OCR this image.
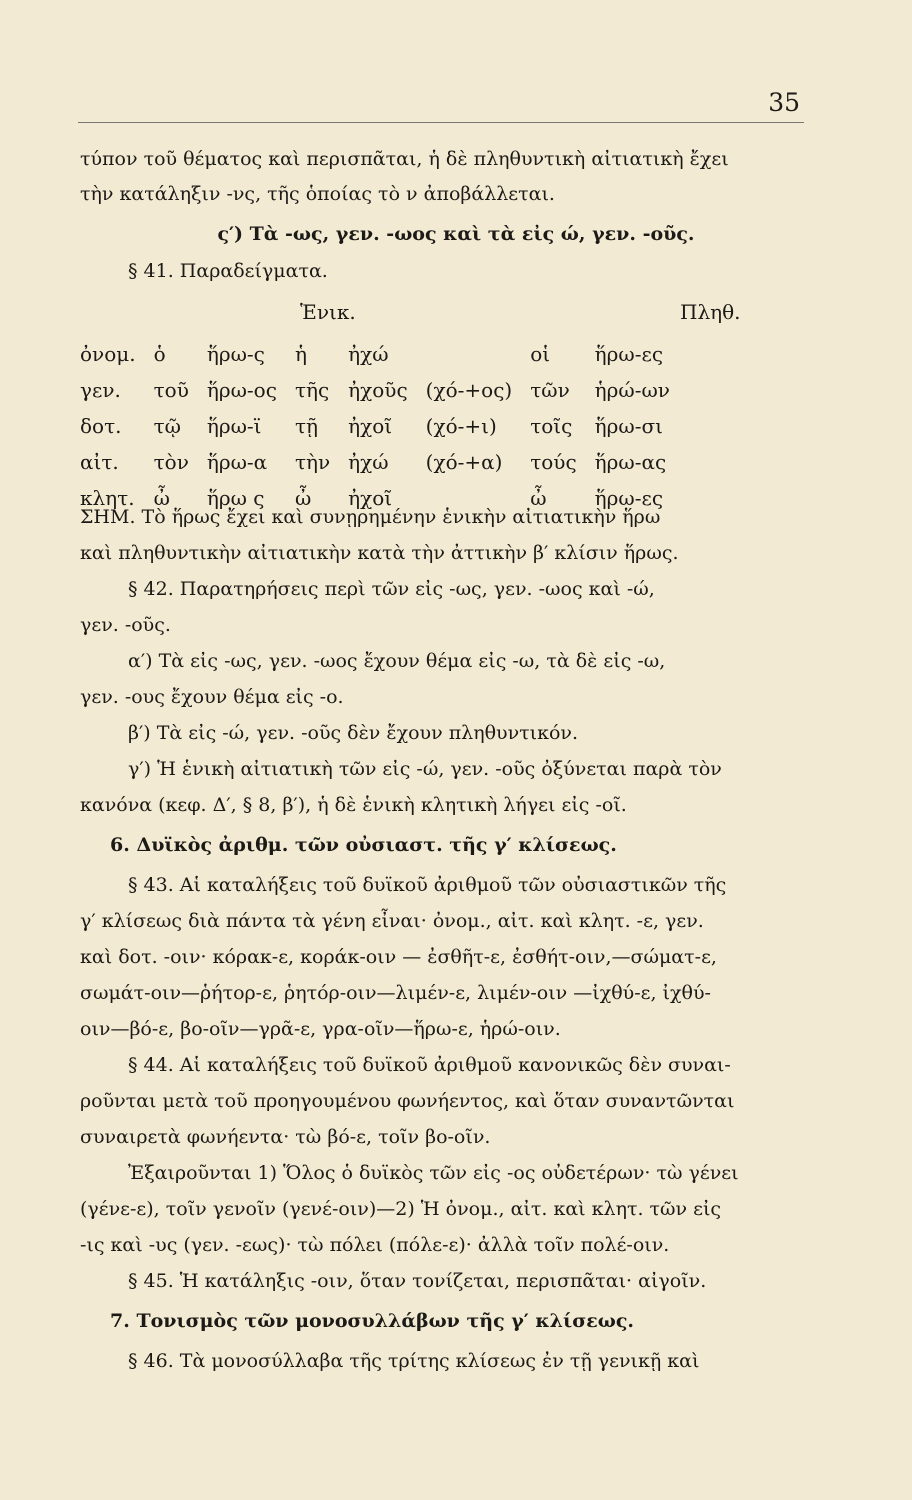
35
τύπον τοῦ θέματος καὶ περισπᾶται, ἡ δὲ πληθυντικὴ αἰτιατικὴ ἔχει
τὴν κατάληξιν -νς, τῆς ὁποίας τὸ ν ἀποβάλλεται.
ς′) Τὰ -ως, γεν. -ωος καὶ τὰ εἰς ώ, γεν. -οῦς.
§ 41. Παραδείγματα.
Ἑνικ.	Πληθ.
ὀνομ.	ὁ	ἥρω-ς	ἡ	ἠχώ		οἱ	ἥρω-ες
γεν.	τοῦ	ἥρω-ος	τῆς	ἠχοῦς	(χό-+ος)	τῶν	ἡρώ-ων
δοτ.	τῷ	ἥρω-ϊ	τῇ	ἠχοῖ	(χό-+ι)	τοῖς	ἥρω-σι
αἰτ.	τὸν	ἥρω-α	τὴν	ἠχώ	(χό-+α)	τούς	ἥρω-ας
κλητ.	ὦ	ἥρω ς	ὦ	ἠχοῖ		ὦ	ἥρω-ες
ΣΗΜ. Τὸ ἥρως ἔχει καὶ συνῃρημένην ἑνικὴν αἰτιατικὴν ἥρω
καὶ πληθυντικὴν αἰτιατικὴν κατὰ τὴν ἀττικὴν β′ κλίσιν ἥρως.
§ 42. Παρατηρήσεις περὶ τῶν εἰς -ως, γεν. -ωος καὶ -ώ,
γεν. -οῦς.
α′) Τὰ εἰς -ως, γεν. -ωος ἔχουν θέμα εἰς -ω, τὰ δὲ εἰς -ω,
γεν. -ους ἔχουν θέμα εἰς -ο.
β′) Τὰ εἰς -ώ, γεν. -οῦς δὲν ἔχουν πληθυντικόν.
γ′) Ἡ ἑνικὴ αἰτιατικὴ τῶν εἰς -ώ, γεν. -οῦς ὀξύνεται παρὰ τὸν
κανόνα (κεφ. Δ′, § 8, β′), ἡ δὲ ἑνικὴ κλητικὴ λήγει εἰς -οῖ.
6. Δυϊκὸς ἀριθμ. τῶν οὐσιαστ. τῆς γ′ κλίσεως.
§ 43. Αἱ καταλήξεις τοῦ δυϊκοῦ ἀριθμοῦ τῶν οὐσιαστικῶν τῆς
γ′ κλίσεως διὰ πάντα τὰ γένη εἶναι· ὀνομ., αἰτ. καὶ κλητ. -ε, γεν.
καὶ δοτ. -οιν· κόρακ-ε, κοράκ-οιν — ἐσθῆτ-ε, ἐσθήτ-οιν,—σώματ-ε,
σωμάτ-οιν—ῥήτορ-ε, ῥητόρ-οιν—λιμέν-ε, λιμέν-οιν —ἰχθύ-ε, ἰχθύ-
οιν—βό-ε, βο-οῖν—γρᾶ-ε, γρα-οῖν—ἥρω-ε, ἡρώ-οιν.
§ 44. Αἱ καταλήξεις τοῦ δυϊκοῦ ἀριθμοῦ κανονικῶς δὲν συναι-
ροῦνται μετὰ τοῦ προηγουμένου φωνήεντος, καὶ ὅταν συναντῶνται
συναιρετὰ φωνήεντα· τὼ βό-ε, τοῖν βο-οῖν.
Ἐξαιροῦνται 1) Ὅλος ὁ δυϊκὸς τῶν εἰς -ος οὐδετέρων· τὼ γένει
(γένε-ε), τοῖν γενοῖν (γενέ-οιν)—2) Ἡ ὀνομ., αἰτ. καὶ κλητ. τῶν εἰς
-ις καὶ -υς (γεν. -εως)· τὼ πόλει (πόλε-ε)· ἀλλὰ τοῖν πολέ-οιν.
§ 45. Ἡ κατάληξις -οιν, ὅταν τονίζεται, περισπᾶται· αἰγοῖν.
7. Τονισμὸς τῶν μονοσυλλάβων τῆς γ′ κλίσεως.
§ 46. Τὰ μονοσύλλαβα τῆς τρίτης κλίσεως ἐν τῇ γενικῇ καὶ
